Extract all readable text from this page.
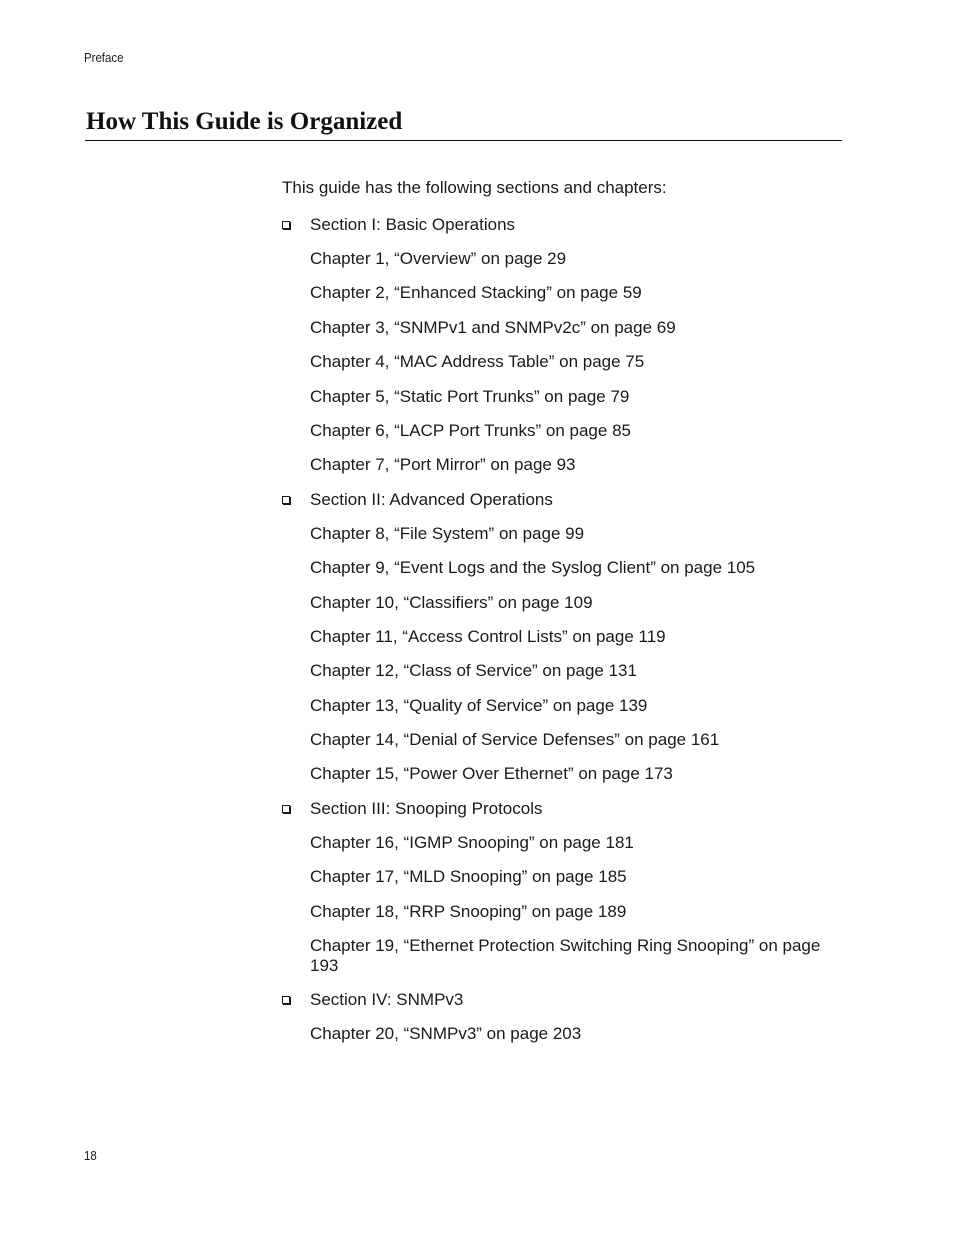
Preface
How This Guide is Organized

This guide has the following sections and chapters:

Section I: Basic Operations
Chapter 1, “Overview” on page 29
Chapter 2, “Enhanced Stacking” on page 59
Chapter 3, “SNMPv1 and SNMPv2c” on page 69
Chapter 4, “MAC Address Table” on page 75
Chapter 5, “Static Port Trunks” on page 79
Chapter 6, “LACP Port Trunks” on page 85
Chapter 7, “Port Mirror” on page 93
Section II: Advanced Operations
Chapter 8, “File System” on page 99
Chapter 9, “Event Logs and the Syslog Client” on page 105
Chapter 10, “Classifiers” on page 109
Chapter 11, “Access Control Lists” on page 119
Chapter 12, “Class of Service” on page 131
Chapter 13, “Quality of Service” on page 139
Chapter 14, “Denial of Service Defenses” on page 161
Chapter 15, “Power Over Ethernet” on page 173
Section III: Snooping Protocols
Chapter 16, “IGMP Snooping” on page 181
Chapter 17, “MLD Snooping” on page 185
Chapter 18, “RRP Snooping” on page 189
Chapter 19, “Ethernet Protection Switching Ring Snooping” on page 193
Section IV: SNMPv3
Chapter 20, “SNMPv3” on page 203
18
